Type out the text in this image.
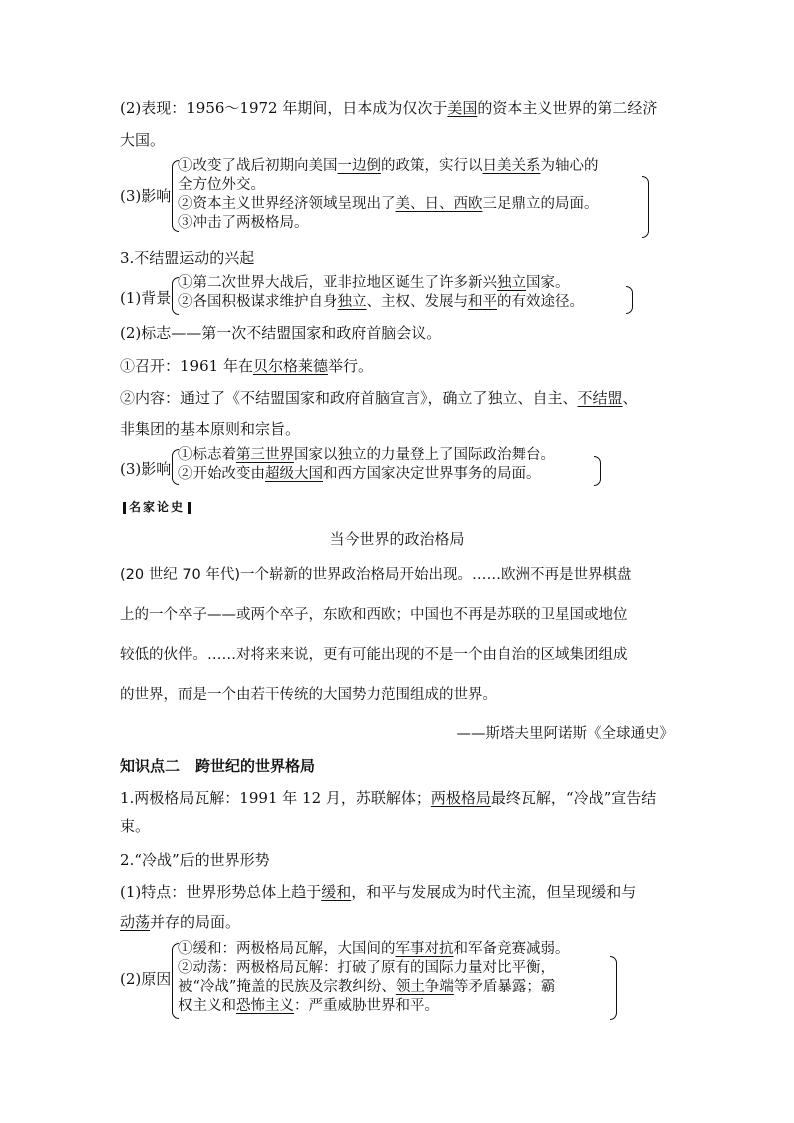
(2)表现：1956～1972 年期间，日本成为仅次于美国的资本主义世界的第二经济
大国。
(3)影响
①改变了战后初期向美国一边倒的政策，实行以日美关系为轴心的
全方位外交。
②资本主义世界经济领域呈现出了美、日、西欧三足鼎立的局面。
③冲击了两极格局。
3.不结盟运动的兴起
(1)背景
①第二次世界大战后，亚非拉地区诞生了许多新兴独立国家。
②各国积极谋求维护自身独立、主权、发展与和平的有效途径。
(2)标志——第一次不结盟国家和政府首脑会议。
①召开：1961 年在贝尔格莱德举行。
②内容：通过了《不结盟国家和政府首脑宣言》，确立了独立、自主、不结盟、
非集团的基本原则和宗旨。
(3)影响
①标志着第三世界国家以独立的力量登上了国际政治舞台。
②开始改变由超级大国和西方国家决定世界事务的局面。
名家论史
当今世界的政治格局
(20 世纪 70 年代)一个崭新的世界政治格局开始出现。……欧洲不再是世界棋盘
上的一个卒子——或两个卒子，东欧和西欧；中国也不再是苏联的卫星国或地位
较低的伙伴。……对将来来说，更有可能出现的不是一个由自治的区域集团组成
的世界，而是一个由若干传统的大国势力范围组成的世界。
——斯塔夫里阿诺斯《全球通史》
知识点二　跨世纪的世界格局
1.两极格局瓦解：1991 年 12 月，苏联解体；两极格局最终瓦解，“冷战”宣告结
束。
2.“冷战”后的世界形势
(1)特点：世界形势总体上趋于缓和，和平与发展成为时代主流，但呈现缓和与
动荡并存的局面。
(2)原因
①缓和：两极格局瓦解，大国间的军事对抗和军备竞赛减弱。
②动荡：两极格局瓦解：打破了原有的国际力量对比平衡，
被“冷战”掩盖的民族及宗教纠纷、领土争端等矛盾暴露；霸
权主义和恐怖主义：严重威胁世界和平。
